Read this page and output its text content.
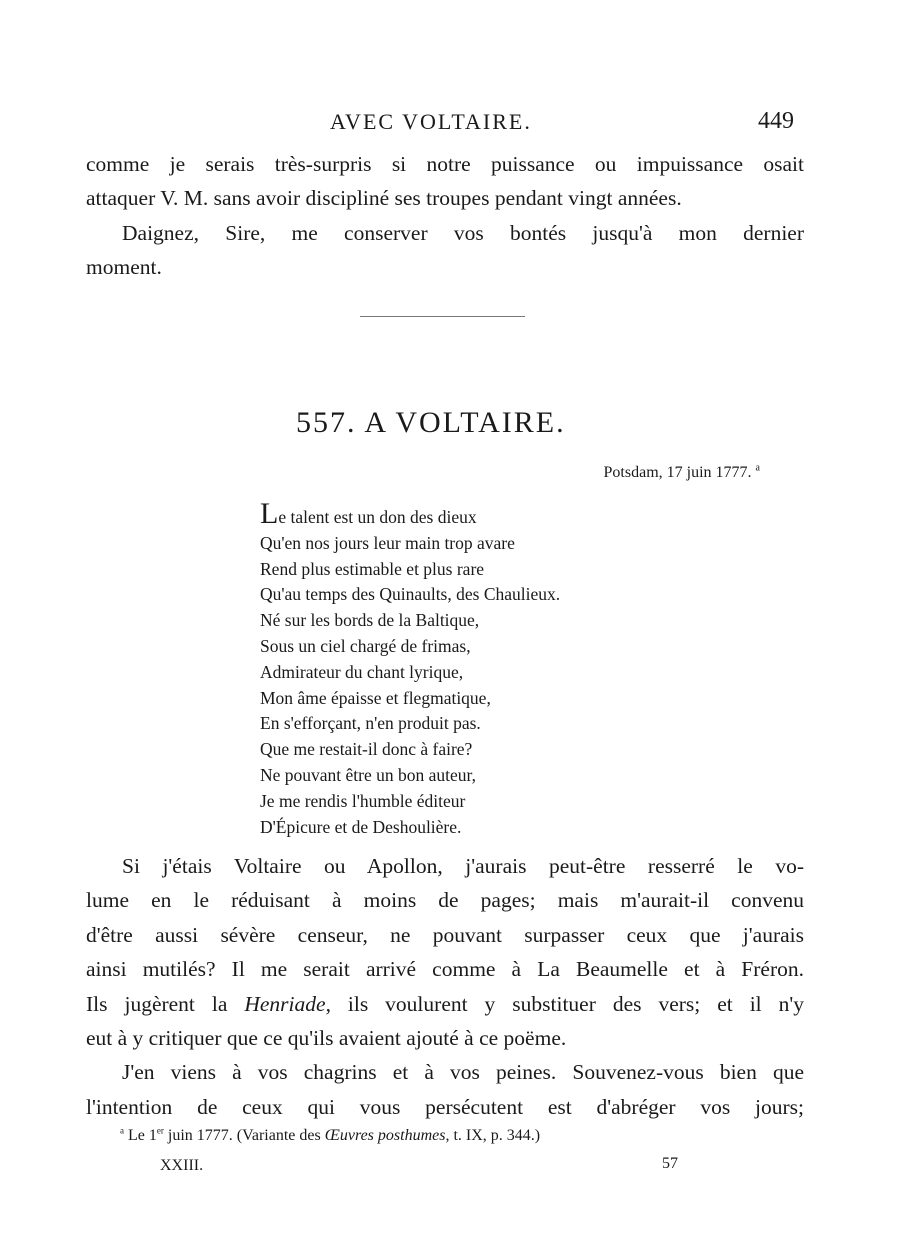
AVEC VOLTAIRE.	449
comme je serais très-surpris si notre puissance ou impuissance osait
attaquer V. M. sans avoir discipliné ses troupes pendant vingt années.
Daignez, Sire, me conserver vos bontés jusqu'à mon dernier
moment.
557. A VOLTAIRE.
Potsdam, 17 juin 1777. $^a$
Le talent est un don des dieux
Qu'en nos jours leur main trop avare
Rend plus estimable et plus rare
Qu'au temps des Quinaults, des Chaulieux.
Né sur les bords de la Baltique,
Sous un ciel chargé de frimas,
Admirateur du chant lyrique,
Mon âme épaisse et flegmatique,
En s'efforçant, n'en produit pas.
Que me restait-il donc à faire?
Ne pouvant être un bon auteur,
Je me rendis l'humble éditeur
D'Épicure et de Deshoulière.
Si j'étais Voltaire ou Apollon, j'aurais peut-être resserré le vo-
lume en le réduisant à moins de pages; mais m'aurait-il convenu
d'être aussi sévère censeur, ne pouvant surpasser ceux que j'aurais
ainsi mutilés? Il me serait arrivé comme à La Beaumelle et à Fréron.
Ils jugèrent la Henriade, ils voulurent y substituer des vers; et il n'y
eut à y critiquer que ce qu'ils avaient ajouté à ce poëme.
J'en viens à vos chagrins et à vos peines. Souvenez-vous bien que
l'intention de ceux qui vous persécutent est d'abréger vos jours;
$^a$ Le 1er juin 1777. (Variante des Œuvres posthumes, t. IX, p. 344.)
XXIII.	57
